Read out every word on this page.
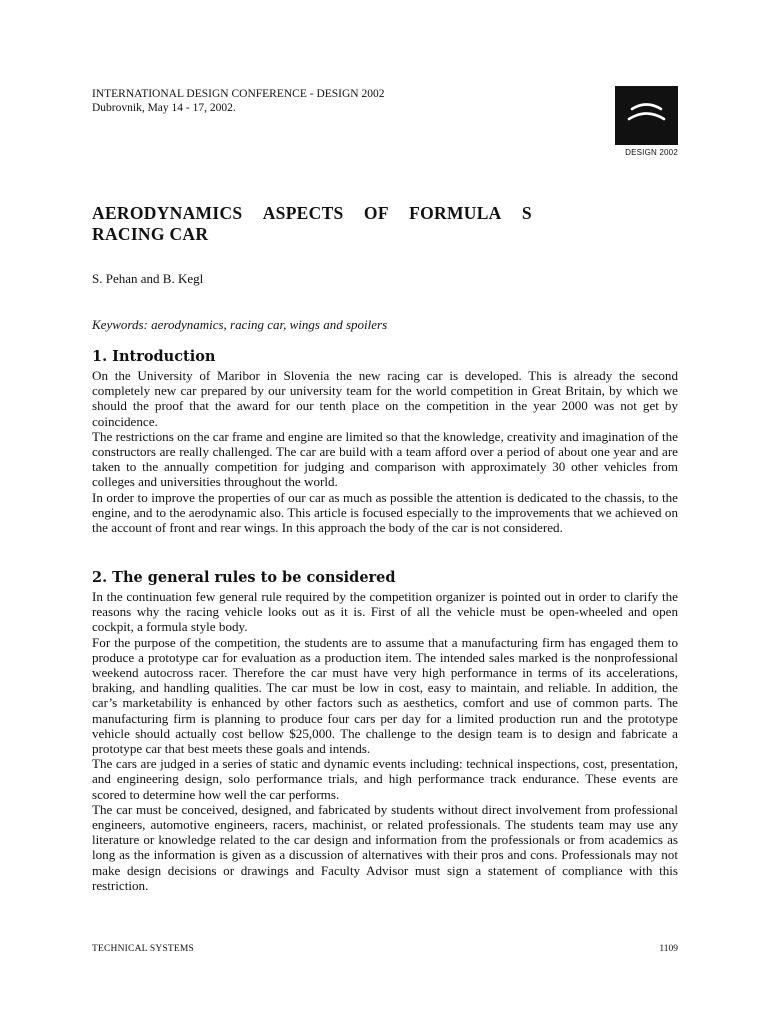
INTERNATIONAL DESIGN CONFERENCE - DESIGN 2002
Dubrovnik, May 14 - 17, 2002.
DESIGN 2002
AERODYNAMICS ASPECTS OF FORMULA S
RACING CAR
S. Pehan and B. Kegl
Keywords: aerodynamics, racing car, wings and spoilers
1. Introduction

On the University of Maribor in Slovenia the new racing car is developed. This is already the second completely new car prepared by our university team for the world competition in Great Britain, by which we should the proof that the award for our tenth place on the competition in the year 2000 was not get by coincidence.

The restrictions on the car frame and engine are limited so that the knowledge, creativity and imagination of the constructors are really challenged. The car are build with a team afford over a period of about one year and are taken to the annually competition for judging and comparison with approximately 30 other vehicles from colleges and universities throughout the world.

In order to improve the properties of our car as much as possible the attention is dedicated to the chassis, to the engine, and to the aerodynamic also. This article is focused especially to the improvements that we achieved on the account of front and rear wings. In this approach the body of the car is not considered.

2. The general rules to be considered

In the continuation few general rule required by the competition organizer is pointed out in order to clarify the reasons why the racing vehicle looks out as it is. First of all the vehicle must be open-wheeled and open cockpit, a formula style body.

For the purpose of the competition, the students are to assume that a manufacturing firm has engaged them to produce a prototype car for evaluation as a production item. The intended sales marked is the nonprofessional weekend autocross racer. Therefore the car must have very high performance in terms of its accelerations, braking, and handling qualities. The car must be low in cost, easy to maintain, and reliable. In addition, the car’s marketability is enhanced by other factors such as aesthetics, comfort and use of common parts. The manufacturing firm is planning to produce four cars per day for a limited production run and the prototype vehicle should actually cost bellow $25,000. The challenge to the design team is to design and fabricate a prototype car that best meets these goals and intends.

The cars are judged in a series of static and dynamic events including: technical inspections, cost, presentation, and engineering design, solo performance trials, and high performance track endurance. These events are scored to determine how well the car performs.

The car must be conceived, designed, and fabricated by students without direct involvement from professional engineers, automotive engineers, racers, machinist, or related professionals. The students team may use any literature or knowledge related to the car design and information from the professionals or from academics as long as the information is given as a discussion of alternatives with their pros and cons. Professionals may not make design decisions or drawings and Faculty Advisor must sign a statement of compliance with this restriction.

TECHNICAL SYSTEMS	1109
